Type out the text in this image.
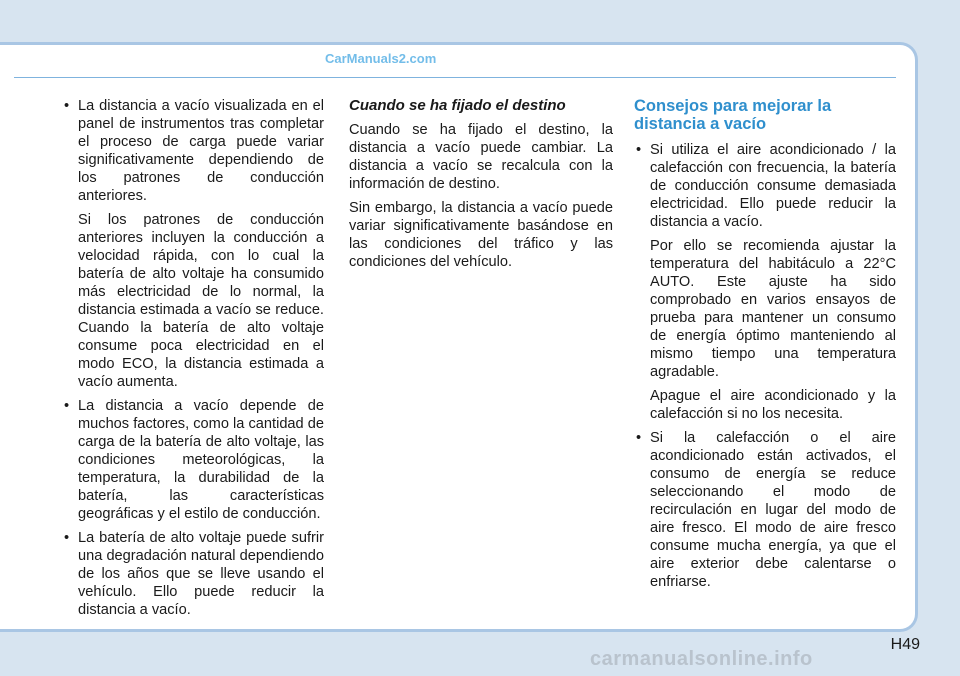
• La distancia a vacío visualizada en el panel de instrumentos tras completar el proceso de carga puede variar significativamente dependiendo de los patrones de conducción anteriores.

Si los patrones de conducción anteriores incluyen la conducción a velocidad rápida, con lo cual la batería de alto voltaje ha consumido más electricidad de lo normal, la distancia estimada a vacío se reduce. Cuando la batería de alto voltaje consume poca electricidad en el modo ECO, la distancia estimada a vacío aumenta.

• La distancia a vacío depende de muchos factores, como la cantidad de carga de la batería de alto voltaje, las condiciones meteorológicas, la temperatura, la durabilidad de la batería, las características geográficas y el estilo de conducción.

• La batería de alto voltaje puede sufrir una degradación natural dependiendo de los años que se lleve usando el vehículo. Ello puede reducir la distancia a vacío.

Cuando se ha fijado el destino

Cuando se ha fijado el destino, la distancia a vacío puede cambiar. La distancia a vacío se recalcula con la información de destino.

Sin embargo, la distancia a vacío puede variar significativamente basándose en las condiciones del tráfico y las condiciones del vehículo.

Consejos para mejorar la distancia a vacío
• Si utiliza el aire acondicionado / la calefacción con frecuencia, la batería de conducción consume demasiada electricidad. Ello puede reducir la distancia a vacío.

Por ello se recomienda ajustar la temperatura del habitáculo a 22°C AUTO. Este ajuste ha sido comprobado en varios ensayos de prueba para mantener un consumo de energía óptimo manteniendo al mismo tiempo una temperatura agradable.

Apague el aire acondicionado y la calefacción si no los necesita.

• Si la calefacción o el aire acondicionado están activados, el consumo de energía se reduce seleccionando el modo de recirculación en lugar del modo de aire fresco. El modo de aire fresco consume mucha energía, ya que el aire exterior debe calentarse o enfriarse.

CarManuals2.com
H49
carmanualsonline.info
